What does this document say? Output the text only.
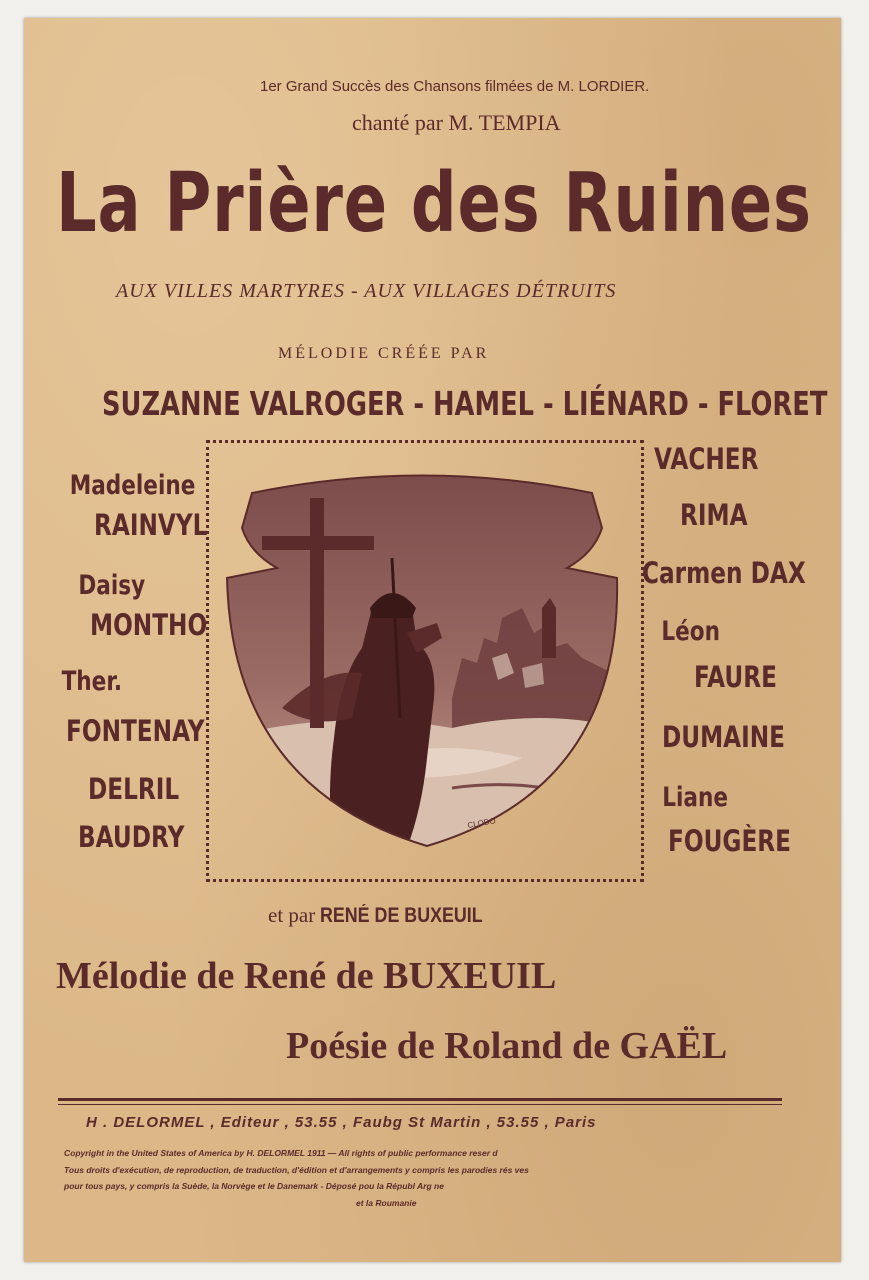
1er Grand Succès des Chansons filmées de M. LORDIER.
chanté par M. TEMPIA
La Prière des Ruines
AUX VILLES MARTYRES - AUX VILLAGES DÉTRUITS
MÉLODIE CRÉÉE PAR
SUZANNE VALROGER - HAMEL - LIÉNARD - FLORET
Madeleine
RAINVYL
Daisy
MONTHO
Ther.
FONTENAY
DELRIL
BAUDRY
VACHER
RIMA
Carmen DAX
Léon
FAURE
DUMAINE
Liane
FOUGÈRE
CLODO
et par RENÉ DE BUXEUIL
Mélodie de René de BUXEUIL
Poésie de Roland de GAËL
H . DELORMEL , Editeur , 53.55 , Faubg St Martin , 53.55 , Paris
Copyright in the United States of America by H. DELORMEL 1911 — All rights of public performance reser d
Tous droits d'exécution, de reproduction, de traduction, d'édition et d'arrangements y compris les parodies rés ves
pour tous pays, y compris la Suède, la Norvège et le Danemark - Déposé pou la Républ Arg ne
et la Roumanie
